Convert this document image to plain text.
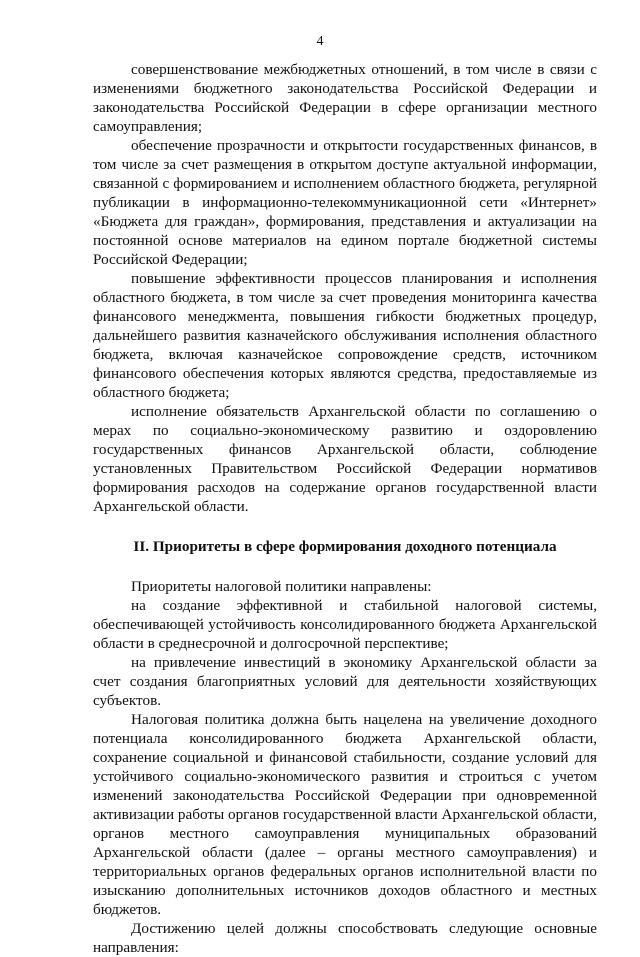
4

совершенствование межбюджетных отношений, в том числе в связи с изменениями бюджетного законодательства Российской Федерации и законодательства Российской Федерации в сфере организации местного самоуправления;

обеспечение прозрачности и открытости государственных финансов, в том числе за счет размещения в открытом доступе актуальной информации, связанной с формированием и исполнением областного бюджета, регулярной публикации в информационно-телекоммуникационной сети «Интернет» «Бюджета для граждан», формирования, представления и актуализации на постоянной основе материалов на едином портале бюджетной системы Российской Федерации;

повышение эффективности процессов планирования и исполнения областного бюджета, в том числе за счет проведения мониторинга качества финансового менеджмента, повышения гибкости бюджетных процедур, дальнейшего развития казначейского обслуживания исполнения областного бюджета, включая казначейское сопровождение средств, источником финансового обеспечения которых являются средства, предоставляемые из областного бюджета;

исполнение обязательств Архангельской области по соглашению о мерах по социально-экономическому развитию и оздоровлению государственных финансов Архангельской области, соблюдение установленных Правительством Российской Федерации нормативов формирования расходов на содержание органов государственной власти Архангельской области.

II. Приоритеты в сфере формирования доходного потенциала

Приоритеты налоговой политики направлены:

на создание эффективной и стабильной налоговой системы, обеспечивающей устойчивость консолидированного бюджета Архангельской области в среднесрочной и долгосрочной перспективе;

на привлечение инвестиций в экономику Архангельской области за счет создания благоприятных условий для деятельности хозяйствующих субъектов.

Налоговая политика должна быть нацелена на увеличение доходного потенциала консолидированного бюджета Архангельской области, сохранение социальной и финансовой стабильности, создание условий для устойчивого социально-экономического развития и строиться с учетом изменений законодательства Российской Федерации при одновременной активизации работы органов государственной власти Архангельской области, органов местного самоуправления муниципальных образований Архангельской области (далее – органы местного самоуправления) и территориальных органов федеральных органов исполнительной власти по изысканию дополнительных источников доходов областного и местных бюджетов.

Достижению целей должны способствовать следующие основные направления:
